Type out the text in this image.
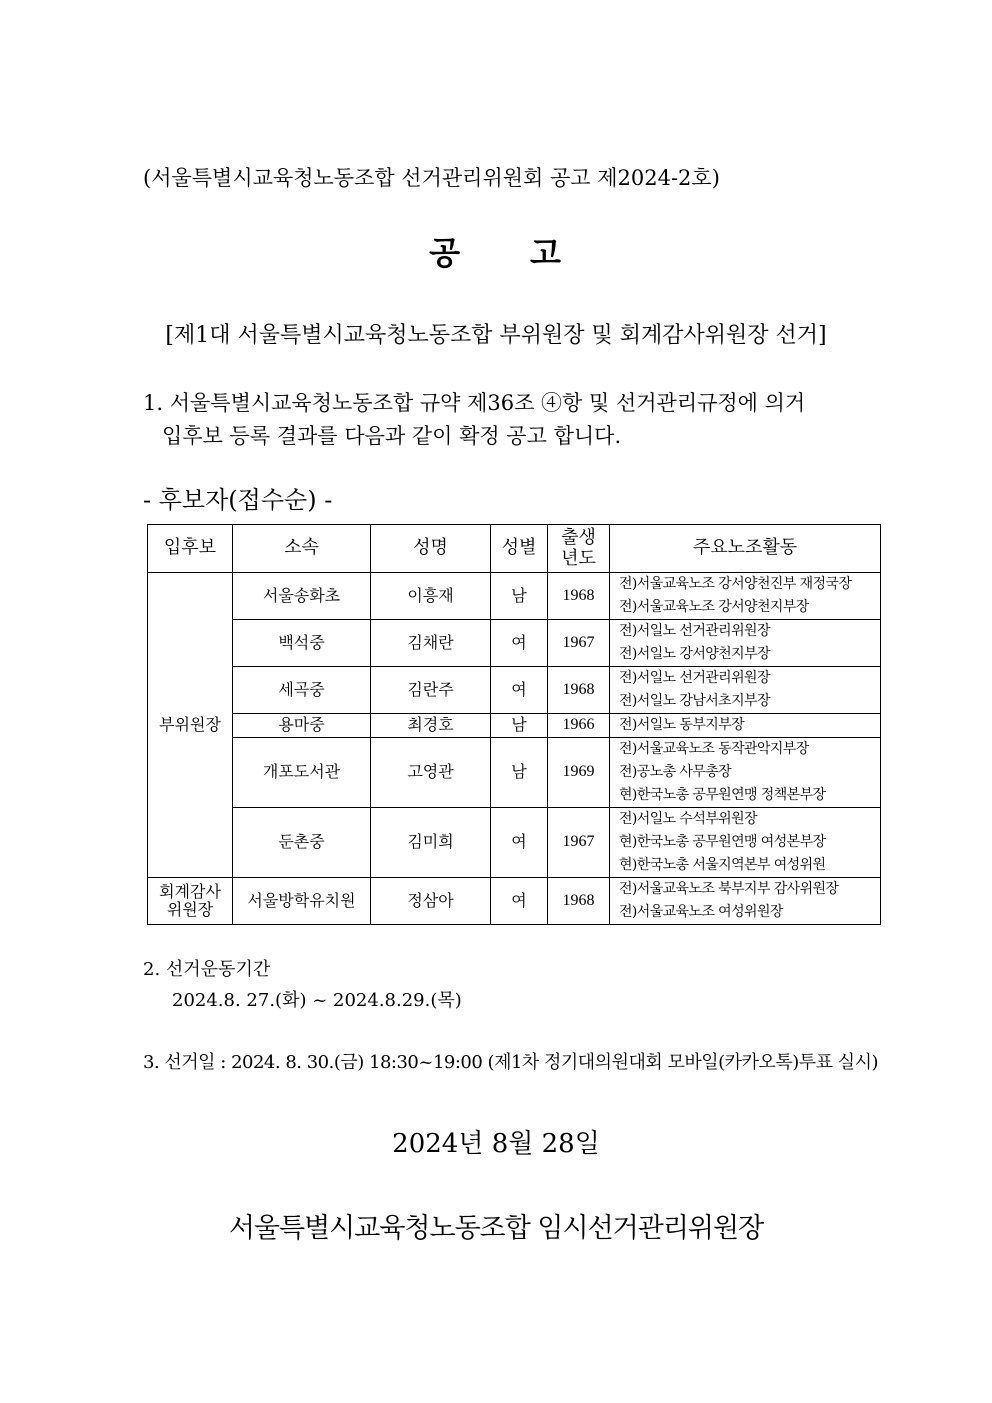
(서울특별시교육청노동조합 선거관리위원회 공고 제2024-2호)
공 고
[제1대 서울특별시교육청노동조합 부위원장 및 회계감사위원장 선거]
1. 서울특별시교육청노동조합 규약 제36조 ④항 및 선거관리규정에 의거
입후보 등록 결과를 다음과 같이 확정 공고 합니다.
- 후보자(접수순) -
입후보	소속	성명	성별	출생년도	주요노조활동
부위원장	서울송화초	이흥재	남	1968	전)서울교육노조 강서양천진부 재정국장
전)서울교육노조 강서양천지부장

	백석중	김채란	여	1967	전)서일노 선거관리위원장
전)서일노 강서양천지부장

	세곡중	김란주	여	1968	전)서일노 선거관리위원장
전)서일노 강남서초지부장

	용마중	최경호	남	1966	전)서일노 동부지부장

	개포도서관	고영관	남	1969	전)서울교육노조 동작관악지부장
전)공노총 사무총장
현)한국노총 공무원연맹 정책본부장

	둔촌중	김미희	여	1967	전)서일노 수석부위원장
현)한국노총 공무원연맹 여성본부장
현)한국노총 서울지역본부 여성위원

회계감사위원장	서울방학유치원	정삼아	여	1968	전)서울교육노조 북부지부 감사위원장
전)서울교육노조 여성위원장
2. 선거운동기간
2024.8. 27.(화) ~ 2024.8.29.(목)
3. 선거일 : 2024. 8. 30.(금) 18:30~19:00 (제1차 정기대의원대회 모바일(카카오톡)투표 실시)
2024년 8월 28일
서울특별시교육청노동조합 임시선거관리위원장
